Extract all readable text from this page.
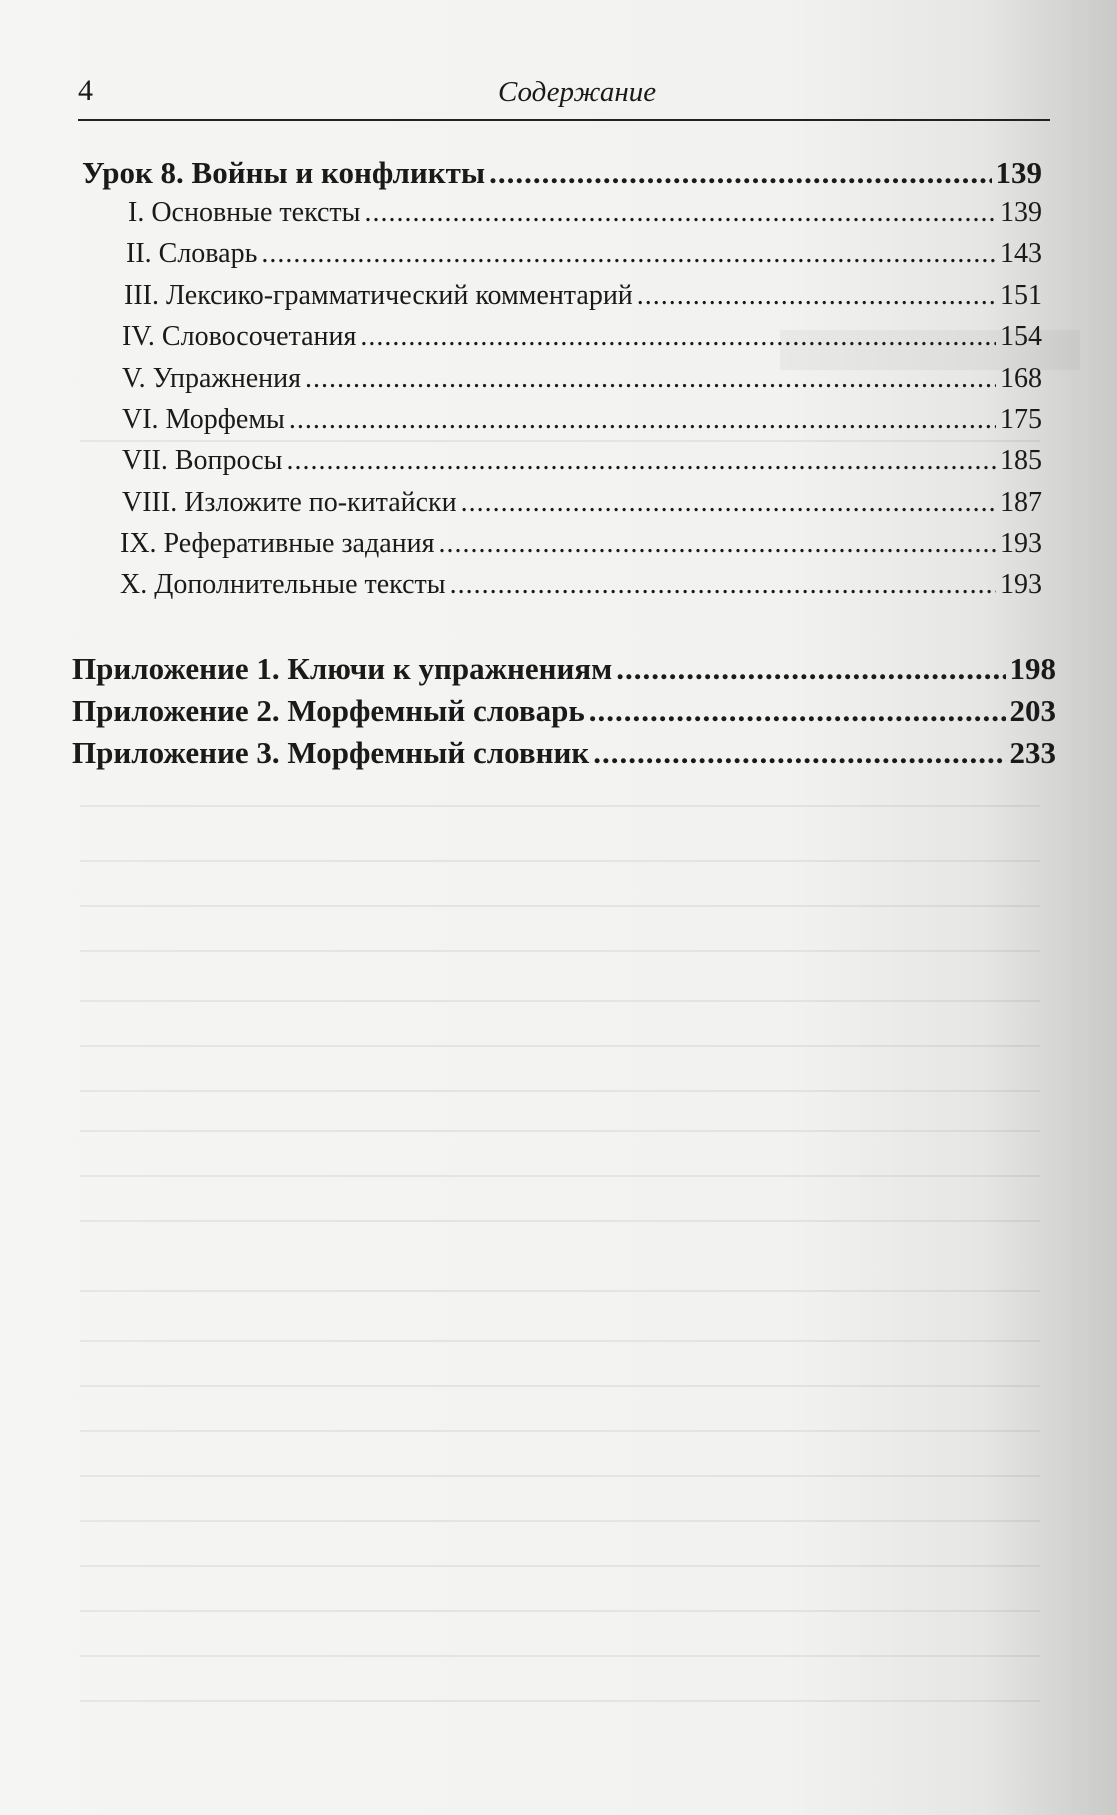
4	Содержание
Урок 8. Войны и конфликты .....	139
I. Основные тексты .....	139
II. Словарь .....	143
III. Лексико-грамматический комментарий .....	151
IV. Словосочетания .....	154
V. Упражнения .....	168
VI. Морфемы .....	175
VII. Вопросы .....	185
VIII. Изложите по-китайски .....	187
IX. Реферативные задания .....	193
X. Дополнительные тексты .....	193
Приложение 1. Ключи к упражнениям .....	198
Приложение 2. Морфемный словарь .....	203
Приложение 3. Морфемный словник .....	233
